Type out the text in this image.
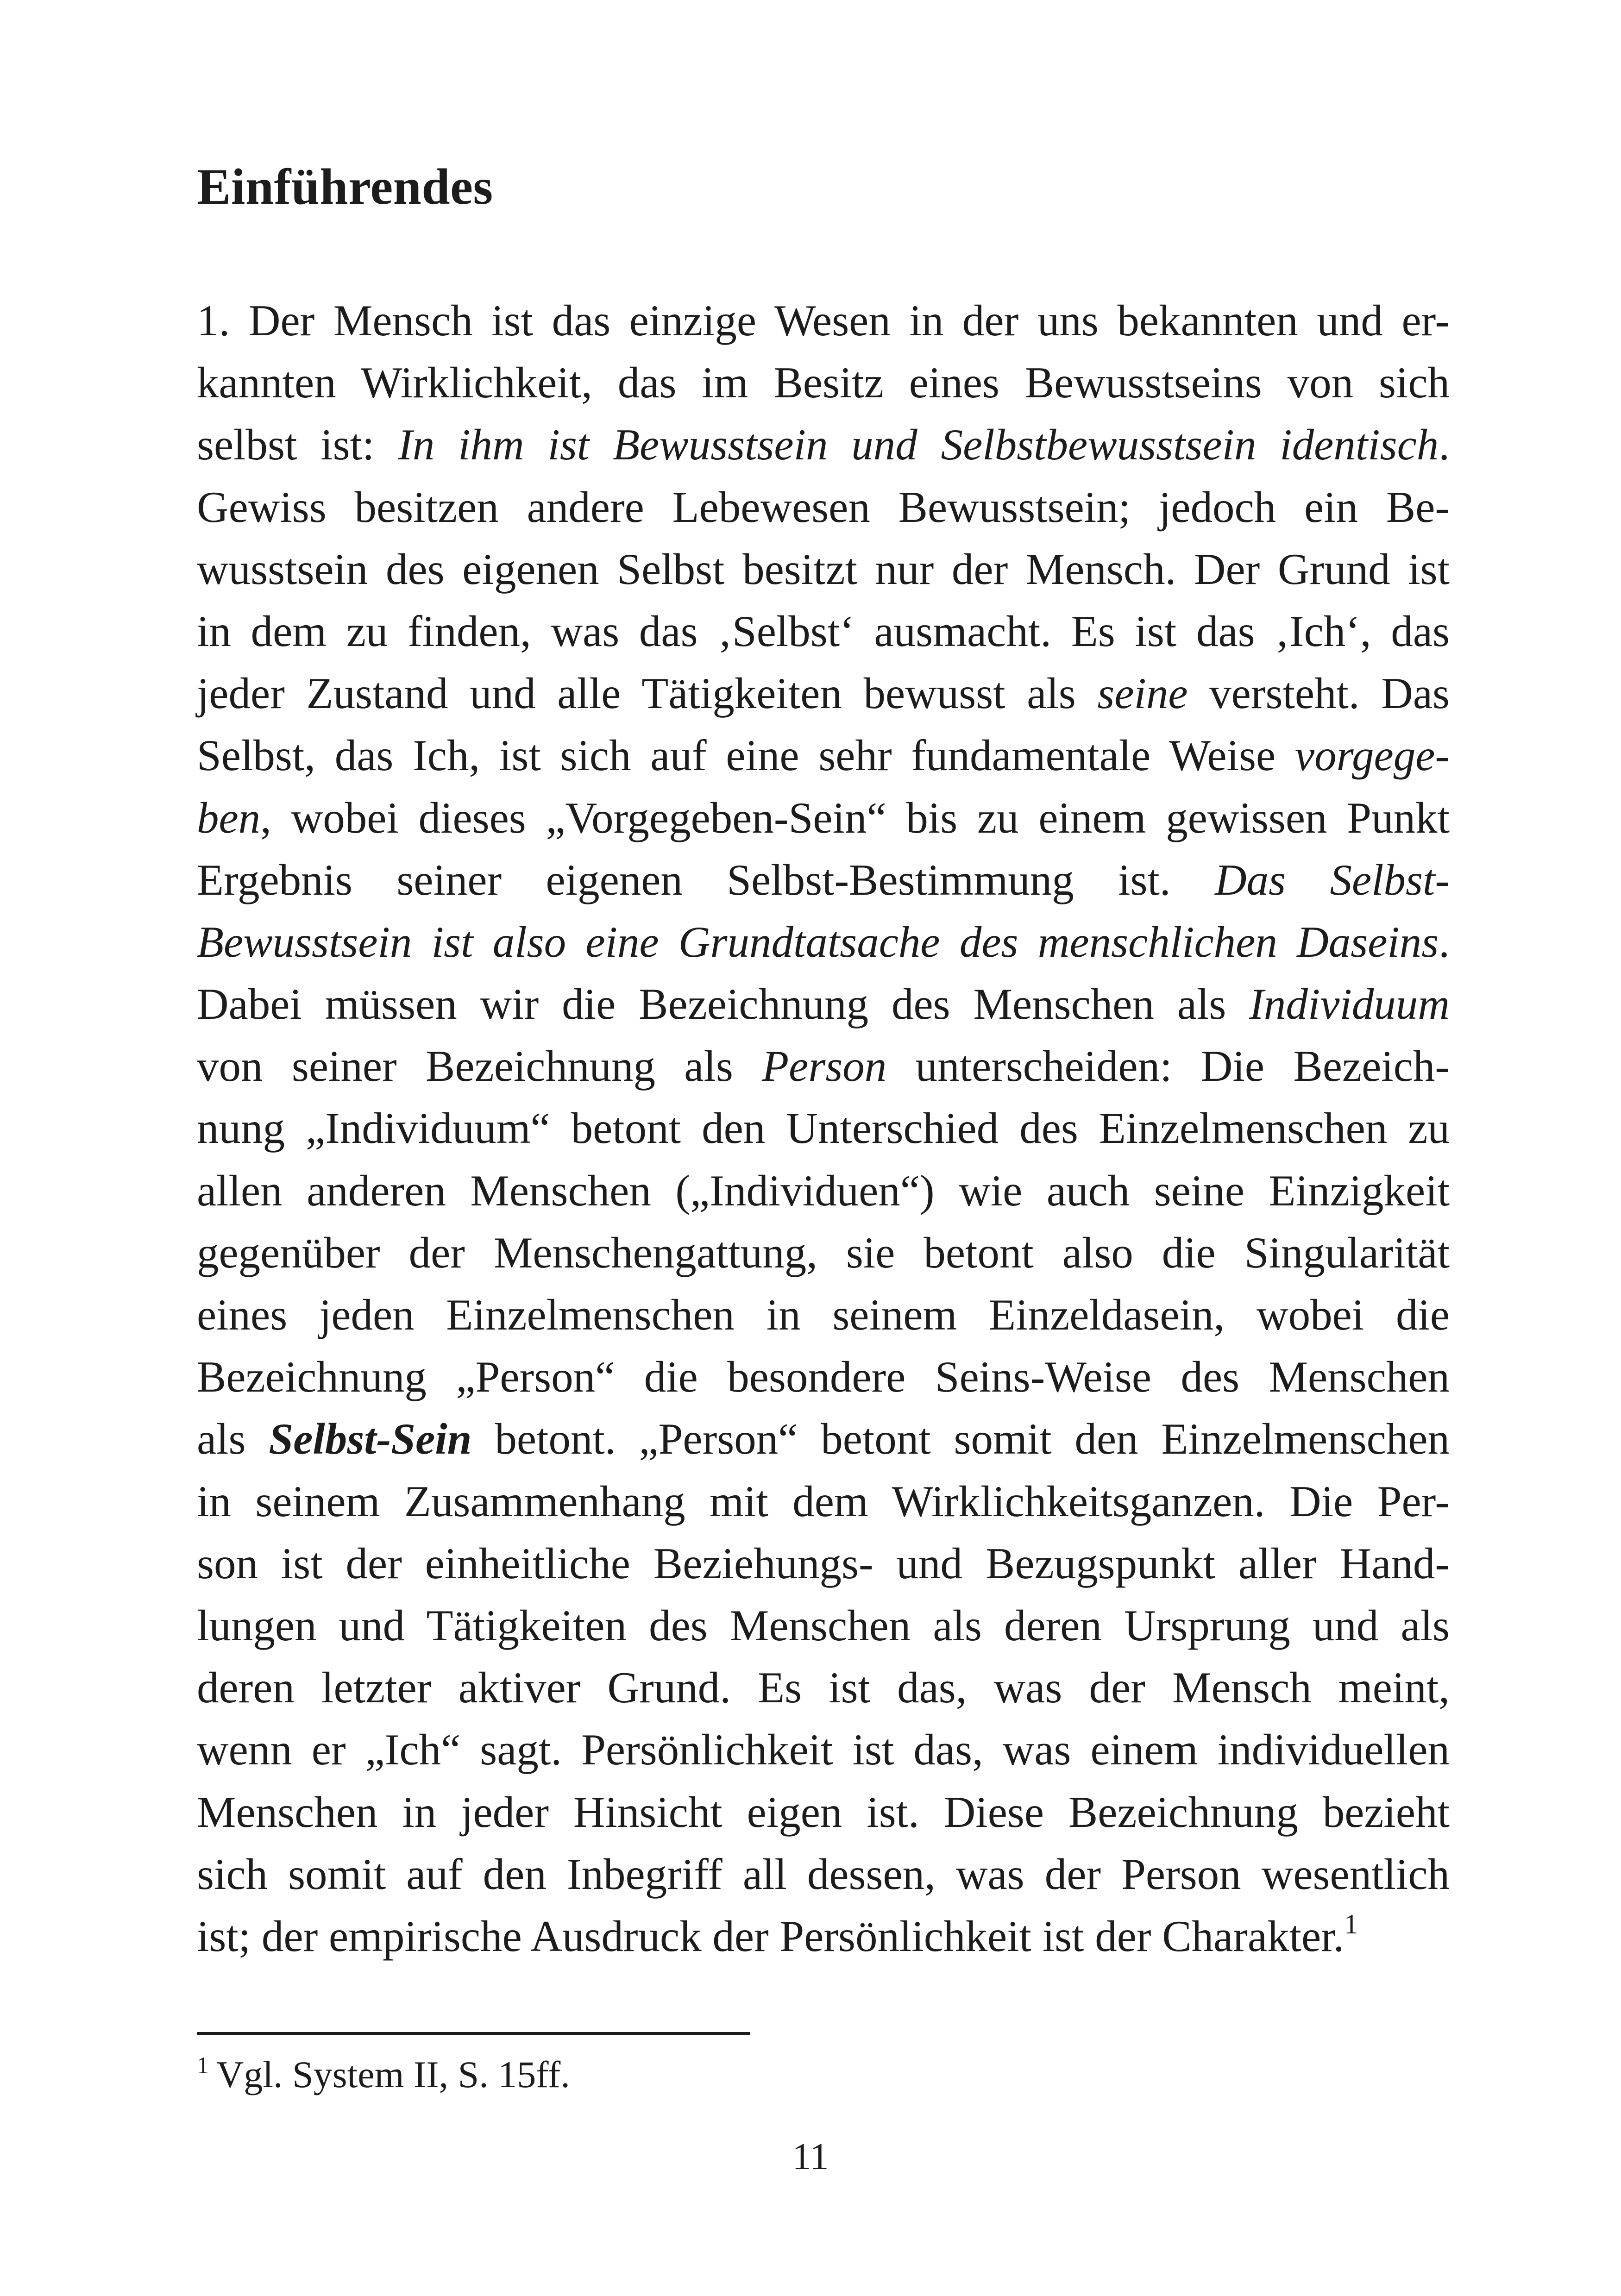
Einführendes
1. Der Mensch ist das einzige Wesen in der uns bekannten und er-
kannten Wirklichkeit, das im Besitz eines Bewusstseins von sich
selbst ist: In ihm ist Bewusstsein und Selbstbewusstsein identisch.
Gewiss besitzen andere Lebewesen Bewusstsein; jedoch ein Be-
wusstsein des eigenen Selbst besitzt nur der Mensch. Der Grund ist
in dem zu finden, was das ‚Selbst‘ ausmacht. Es ist das ‚Ich‘, das
jeder Zustand und alle Tätigkeiten bewusst als seine versteht. Das
Selbst, das Ich, ist sich auf eine sehr fundamentale Weise vorgege-
ben, wobei dieses „Vorgegeben-Sein“ bis zu einem gewissen Punkt
Ergebnis seiner eigenen Selbst-Bestimmung ist. Das Selbst-
Bewusstsein ist also eine Grundtatsache des menschlichen Daseins.
Dabei müssen wir die Bezeichnung des Menschen als Individuum
von seiner Bezeichnung als Person unterscheiden: Die Bezeich-
nung „Individuum“ betont den Unterschied des Einzelmenschen zu
allen anderen Menschen („Individuen“) wie auch seine Einzigkeit
gegenüber der Menschengattung, sie betont also die Singularität
eines jeden Einzelmenschen in seinem Einzeldasein, wobei die
Bezeichnung „Person“ die besondere Seins-Weise des Menschen
als Selbst-Sein betont. „Person“ betont somit den Einzelmenschen
in seinem Zusammenhang mit dem Wirklichkeitsganzen. Die Per-
son ist der einheitliche Beziehungs- und Bezugspunkt aller Hand-
lungen und Tätigkeiten des Menschen als deren Ursprung und als
deren letzter aktiver Grund. Es ist das, was der Mensch meint,
wenn er „Ich“ sagt. Persönlichkeit ist das, was einem individuellen
Menschen in jeder Hinsicht eigen ist. Diese Bezeichnung bezieht
sich somit auf den Inbegriff all dessen, was der Person wesentlich
ist; der empirische Ausdruck der Persönlichkeit ist der Charakter.$^1$
$^1$ Vgl. System II, S. 15ff.
11
